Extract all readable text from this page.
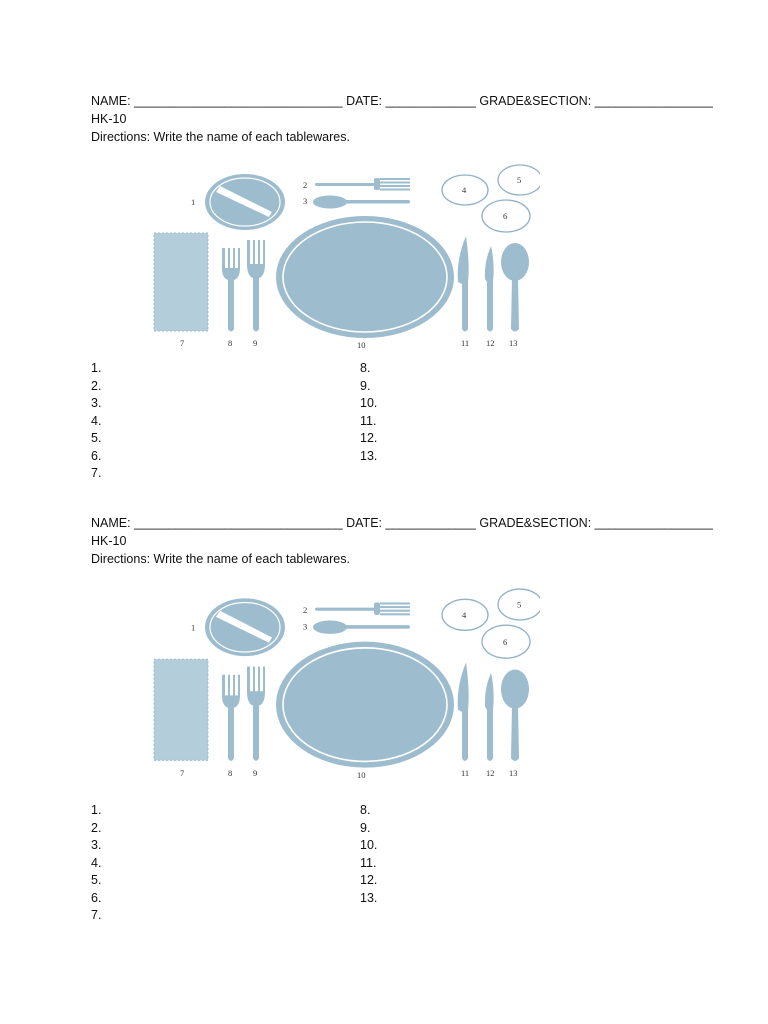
NAME: ______________________________ DATE: _____________ GRADE&SECTION: _________________
HK-10
Directions: Write the name of each tablewares.
1
2
3
4
5
6
7	8 9	10	11 12 13
1.
2.
3.
4.
5.
6.
7.
8.
9.
10.
11.
12.
13.
NAME: ______________________________ DATE: _____________ GRADE&SECTION: _________________
HK-10
Directions: Write the name of each tablewares.
1
2
3
4
5
6
7	8 9	10	11 12 13
1.
2.
3.
4.
5.
6.
7.
8.
9.
10.
11.
12.
13.
